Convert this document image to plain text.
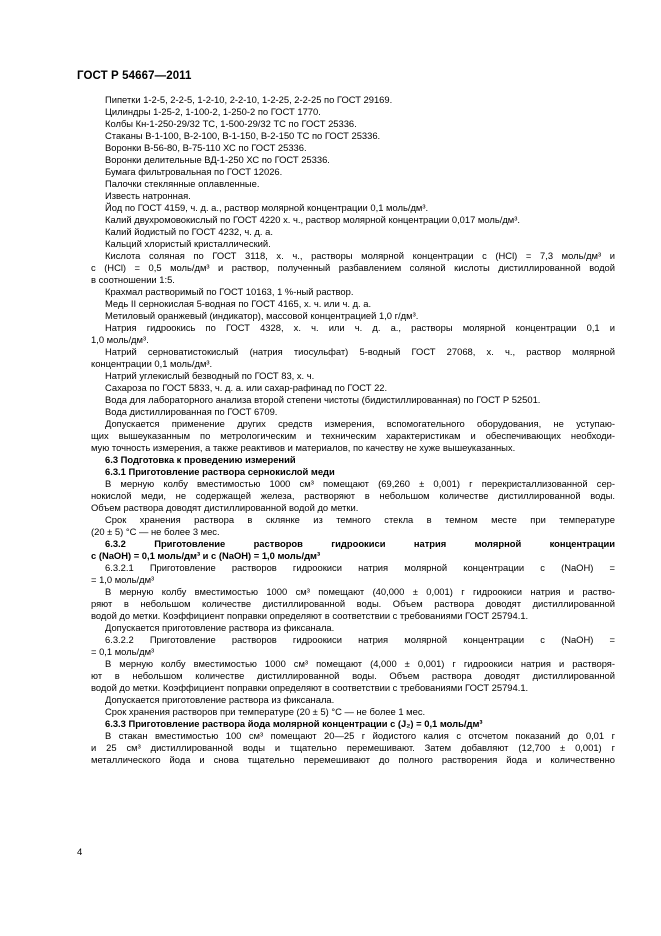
ГОСТ Р 54667—2011
Пипетки 1-2-5, 2-2-5, 1-2-10, 2-2-10, 1-2-25, 2-2-25 по ГОСТ 29169.
Цилиндры 1-25-2, 1-100-2, 1-250-2 по ГОСТ 1770.
Колбы Кн-1-250-29/32 ТС, 1-500-29/32 ТС по ГОСТ 25336.
Стаканы В-1-100, В-2-100, В-1-150, В-2-150 ТС по ГОСТ 25336.
Воронки В-56-80, В-75-110 ХС по ГОСТ 25336.
Воронки делительные ВД-1-250 ХС по ГОСТ 25336.
Бумага фильтровальная по ГОСТ 12026.
Палочки стеклянные оплавленные.
Известь натронная.
Йод по ГОСТ 4159, ч. д. а., раствор молярной концентрации 0,1 моль/дм³.
Калий двухромовокислый по ГОСТ 4220 х. ч., раствор молярной концентрации 0,017 моль/дм³.
Калий йодистый по ГОСТ 4232, ч. д. а.
Кальций хлористый кристаллический.
Кислота соляная по ГОСТ 3118, х. ч., растворы молярной концентрации с (HCl) = 7,3 моль/дм³ и
с (HCl) = 0,5 моль/дм³ и раствор, полученный разбавлением соляной кислоты дистиллированной водой
в соотношении 1:5.
Крахмал растворимый по ГОСТ 10163, 1 %-ный раствор.
Медь II сернокислая 5-водная по ГОСТ 4165, х. ч. или ч. д. а.
Метиловый оранжевый (индикатор), массовой концентрацией 1,0 г/дм³.
Натрия гидроокись по ГОСТ 4328, х. ч. или ч. д. а., растворы молярной концентрации 0,1 и
1,0 моль/дм³.
Натрий серноватистокислый (натрия тиосульфат) 5-водный ГОСТ 27068, х. ч., раствор молярной
концентрации 0,1 моль/дм³.
Натрий углекислый безводный по ГОСТ 83, х. ч.
Сахароза по ГОСТ 5833, ч. д. а. или сахар-рафинад по ГОСТ 22.
Вода для лабораторного анализа второй степени чистоты (бидистиллированная) по ГОСТ Р 52501.
Вода дистиллированная по ГОСТ 6709.
Допускается применение других средств измерения, вспомогательного оборудования, не уступаю-
щих вышеуказанным по метрологическим и техническим характеристикам и обеспечивающих необходи-
мую точность измерения, а также реактивов и материалов, по качеству не хуже вышеуказанных.
6.3 Подготовка к проведению измерений
6.3.1 Приготовление раствора сернокислой меди
В мерную колбу вместимостью 1000 см³ помещают (69,260 ± 0,001) г перекристаллизованной сер-
нокислой меди, не содержащей железа, растворяют в небольшом количестве дистиллированной воды.
Объем раствора доводят дистиллированной водой до метки.
Срок хранения раствора в склянке из темного стекла в темном месте при температуре
(20 ± 5) °С — не более 3 мес.
6.3.2 Приготовление растворов гидроокиси натрия молярной концентрации
с (NaOH) = 0,1 моль/дм³ и с (NaOH) = 1,0 моль/дм³
6.3.2.1 Приготовление растворов гидроокиси натрия молярной концентрации с (NaOH) =
= 1,0 моль/дм³
В мерную колбу вместимостью 1000 см³ помещают (40,000 ± 0,001) г гидроокиси натрия и раство-
ряют в небольшом количестве дистиллированной воды. Объем раствора доводят дистиллированной
водой до метки. Коэффициент поправки определяют в соответствии с требованиями ГОСТ 25794.1.
Допускается приготовление раствора из фиксанала.
6.3.2.2 Приготовление растворов гидроокиси натрия молярной концентрации с (NaOH) =
= 0,1 моль/дм³
В мерную колбу вместимостью 1000 см³ помещают (4,000 ± 0,001) г гидроокиси натрия и растворя-
ют в небольшом количестве дистиллированной воды. Объем раствора доводят дистиллированной
водой до метки. Коэффициент поправки определяют в соответствии с требованиями ГОСТ 25794.1.
Допускается приготовление раствора из фиксанала.
Срок хранения растворов при температуре (20 ± 5) °С — не более 1 мес.
6.3.3 Приготовление раствора йода молярной концентрации с (J₂) = 0,1 моль/дм³
В стакан вместимостью 100 см³ помещают 20—25 г йодистого калия с отсчетом показаний до 0,01 г
и 25 см³ дистиллированной воды и тщательно перемешивают. Затем добавляют (12,700 ± 0,001) г
металлического йода и снова тщательно перемешивают до полного растворения йода и количественно
4
